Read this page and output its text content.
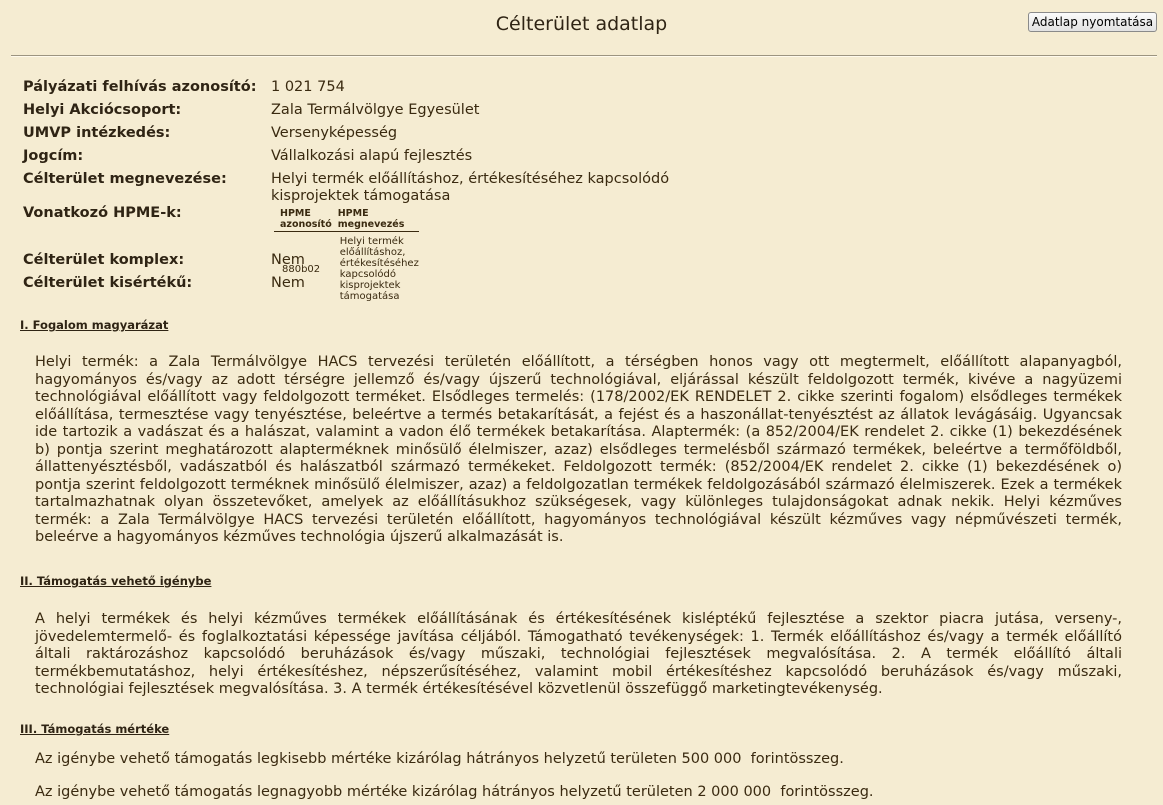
Célterület adatlap	Adatlap nyomtatása
Pályázati felhívás azonosító: 1 021 754
Helyi Akciócsoport:	Zala Termálvölgye Egyesület
UMVP intézkedés:	Versenyképesség
Jogcím:	Vállalkozási alapú fejlesztés
Célterület megnevezése:	Helyi termék előállításhoz, értékesítéséhez kapcsolódó kisprojektek támogatása
Vonatkozó HPME-k:	HPME azonosító	HPME megnevezés
880b02	Helyi termék előállításhoz, értékesítéséhez kapcsolódó kisprojektek támogatása
Célterület komplex:	Nem
Célterület kisértékű:	Nem
I. Fogalom magyarázat
Helyi termék: a Zala Termálvölgye HACS tervezési területén előállított, a térségben honos vagy ott megtermelt, előállított alapanyagból, hagyományos és/vagy az adott térségre jellemző és/vagy újszerű technológiával, eljárással készült feldolgozott termék, kivéve a nagyüzemi technológiával előállított vagy feldolgozott terméket. Elsődleges termelés: (178/2002/EK RENDELET 2. cikke szerinti fogalom) elsődleges termékek előállítása, termesztése vagy tenyésztése, beleértve a termés betakarítását, a fejést és a haszonállat-tenyésztést az állatok levágásáig. Ugyancsak ide tartozik a vadászat és a halászat, valamint a vadon élő termékek betakarítása. Alaptermék: (a 852/2004/EK rendelet 2. cikke (1) bekezdésének b) pontja szerint meghatározott alapterméknek minősülő élelmiszer, azaz) elsődleges termelésből származó termékek, beleértve a termőföldből, állattenyésztésből, vadászatból és halászatból származó termékeket. Feldolgozott termék: (852/2004/EK rendelet 2. cikke (1) bekezdésének o) pontja szerint feldolgozott terméknek minősülő élelmiszer, azaz) a feldolgozatlan termékek feldolgozásából származó élelmiszerek. Ezek a termékek tartalmazhatnak olyan összetevőket, amelyek az előállításukhoz szükségesek, vagy különleges tulajdonságokat adnak nekik. Helyi kézműves termék: a Zala Termálvölgye HACS tervezési területén előállított, hagyományos technológiával készült kézműves vagy népművészeti termék, beleérve a hagyományos kézműves technológia újszerű alkalmazását is.
II. Támogatás vehető igénybe
A helyi termékek és helyi kézműves termékek előállításának és értékesítésének kisléptékű fejlesztése a szektor piacra jutása, verseny-, jövedelemtermelő- és foglalkoztatási képessége javítása céljából. Támogatható tevékenységek: 1. Termék előállításhoz és/vagy a termék előállító általi raktározáshoz kapcsolódó beruházások és/vagy műszaki, technológiai fejlesztések megvalósítása. 2. A termék előállító általi termékbemutatáshoz, helyi értékesítéshez, népszerűsítéséhez, valamint mobil értékesítéshez kapcsolódó beruházások és/vagy műszaki, technológiai fejlesztések megvalósítása. 3. A termék értékesítésével közvetlenül összefüggő marketingtevékenység.
III. Támogatás mértéke
Az igénybe vehető támogatás legkisebb mértéke kizárólag hátrányos helyzetű területen 500 000  forintösszeg.
Az igénybe vehető támogatás legnagyobb mértéke kizárólag hátrányos helyzetű területen 2 000 000  forintösszeg.
